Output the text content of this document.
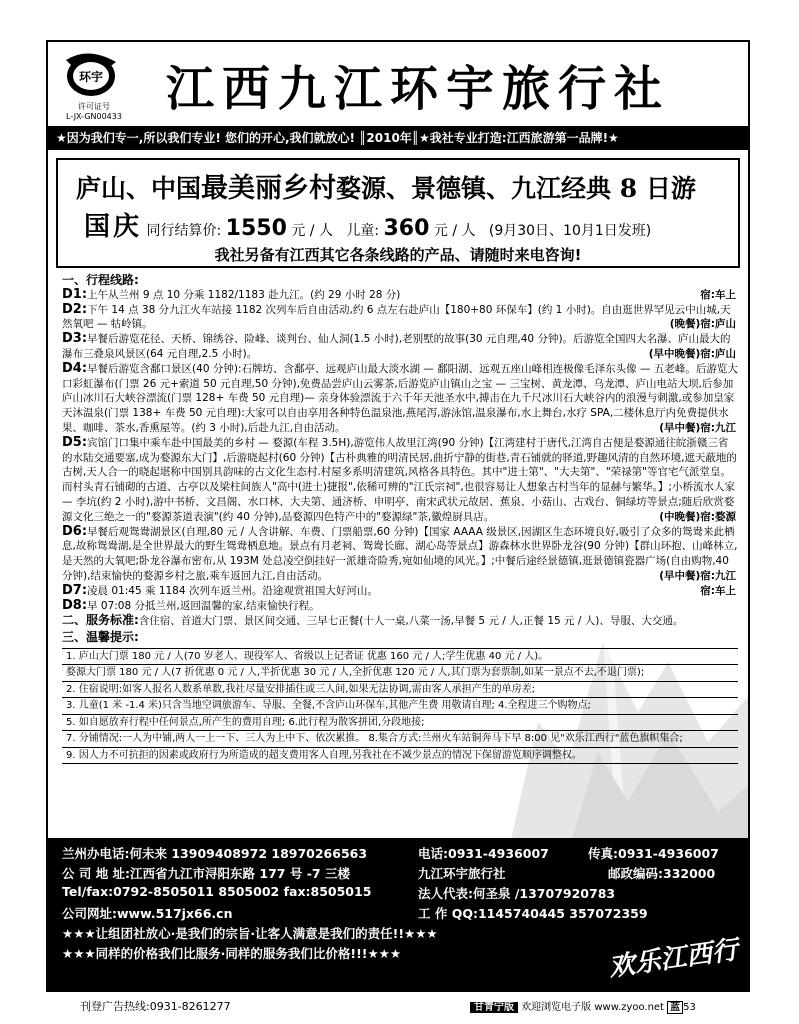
环宇
许可证号
L-JX-GN00433 江西九江环宇旅行社
★因为我们专一,所以我们专业! 您们的开心,我们就放心! ║2010年║★我社专业打造:江西旅游第一品牌!★
庐山、中国最美丽乡村婺源、景德镇、九江经典 8 日游
国庆 同行结算价: 1550 元 / 人 儿童: 360 元 / 人 (9月30日、10月1日发班)
我社另备有江西其它各条线路的产品、请随时来电咨询!
一、行程线路:
D1:上午从兰州 9 点 10 分乘 1182/1183 赴九江。(约 29 小时 28 分)	宿:车上
D2:下午 14 点 38 分九江火车站接 1182 次列车后自由活动,约 6 点左右赴庐山【180+80 环保车】(约 1 小时)。自由逛世界罕见云中山城,天然氧吧 — 牯岭镇。	(晚餐)宿:庐山
D3:早餐后游览花径、天桥、锦绣谷、险峰、谈判台、仙人洞(1.5 小时),老别墅的故事(30 元自理,40 分钟)。后游览全国四大名瀑、庐山最大的瀑布三叠泉风景区(64 元自理,2.5 小时)。	(早中晚餐)宿:庐山
D4:早餐后游览含鄱口景区(40 分钟):石牌坊、含鄱亭、远观庐山最大淡水湖 — 鄱阳湖、远观五座山峰相连极像毛泽东头像 — 五老峰。后游览大口彩虹瀑布(门票 26 元+索道 50 元自理,50 分钟),免费品尝庐山云雾茶,后游览庐山镇山之宝 — 三宝树、黄龙潭、乌龙潭、庐山电站大坝,后参加庐山冰川石大峡谷漂流(门票 128+ 车费 50 元自理)— 亲身体验漂流于六千年天池圣水中,搏击在九千尺冰川石大峡谷内的浪漫与刺激,或参加皇家天沐温泉(门票 138+ 车费 50 元自理):大家可以自由享用各种特色温泉池,燕尾泻,游泳馆,温泉瀑布,水上舞台,水疗 SPA,二楼休息厅内免费提供水果、咖啡、茶水,香熏屋等。(约 3 小时),后赴九江,自由活动。	(早中餐)宿:九江
D5:宾馆门口集中乘车赴中国最美的乡村 — 婺源(车程 3.5H),游览伟人故里江湾(90 分钟)【江湾建村于唐代,江湾自古便是婺源通往皖浙赣三省的水陆交通要塞,成为婺源东大门】,后游晓起村(60 分钟)【古朴典雅的明清民居,曲折宁静的街巷,青石铺就的驿道,野趣风清的自然环境,遮天蔽地的古树,天人合一的晓起堪称中国别具韵味的古文化生态村.村屋多系明清建筑,风格各具特色。其中"进士第"、"大夫第"、"荣禄第"等官宅气派堂皇。而村头青石铺砌的古道、古亭以及梁柱间族人"高中(进士)捷报",依稀可辨的"江氏宗祠",也很容易让人想象古村当年的显赫与繁华。】;小桥流水人家 — 李坑(约 2 小时),游中书桥、文昌阁、水口林、大夫第、通济桥、申明亭、南宋武状元故居、蕉泉、小菇山、古戏台、铜绿坊等景点;随后欣赏婺源文化三绝之一的"婺源茶道表演"(约 40 分钟),品婺源四色特产中的"婺源绿"茶,徽煌厨具店。	(中晚餐)宿:婺源
D6:早餐后观鸳鸯湖景区(自理,80 元 / 人含讲解、车费、门票船票,60 分钟)【国家 AAAA 级景区,因湖区生态环境良好,吸引了众多的鸳鸯来此栖息,故称鸳鸯湖,是全世界最大的野生鸳鸯栖息地。景点有月老祠、鸳鸯长廊、湖心岛等景点】游森林水世界卧龙谷(90 分钟)【群山环抱、山峰林立,是天然的大氧吧;卧龙谷瀑布密布,从 193M 处总凌空倒挂好一派雄奇险秀,宛如仙境的风光。】;中餐后途经景德镇,逛景德镇瓷器广场(自由购物,40 分钟),结束愉快的婺源乡村之旅,乘车返回九江,自由活动。	(早中餐)宿:九江
D7:凌晨 01:45 乘 1184 次列车返兰州。沿途观赏祖国大好河山。	宿:车上
D8:早 07:08 分抵兰州,返回温馨的家,结束愉快行程。
二、服务标准:含住宿、首道大门票、景区间交通、三早七正餐(十人一桌,八菜一汤,早餐 5 元 / 人,正餐 15 元 / 人)、导服、大交通。
三、温馨提示:
1. 庐山大门票 180 元 / 人(70 岁老人、现役军人、省级以上记者证 优惠 160 元 / 人;学生优惠 40 元 / 人)。
婺源大门票 180 元 / 人(7 折优惠 0 元 / 人,半折优惠 30 元 / 人,全折优惠 120 元 / 人,其门票为套票制,如某一景点不去,不退门票);
2. 住宿说明:如客人报名人数系单数,我社尽量安排插住或三人间,如果无法协调,需由客人承担产生的单房差;
3. 儿童(1 米 -1.4 米)只含当地空调旅游车、导服、全餐,不含庐山环保车,其他产生费 用敬请自理; 4.全程进三个购物点;
5. 如自愿放弃行程中任何景点,所产生的费用自理; 6.此行程为散客拼团,分段地接;
7. 分铺情况:一人为中铺,两人一上一下、三人为上中下、依次累推。 8.集合方式:兰州火车站铜奔马下早 8:00 见"欢乐江西行"蓝色旗帜集合;
9. 因人力不可抗拒的因素或政府行为所造成的超支费用客人自理,另我社在不减少景点的情况下保留游览顺序调整权。
兰州办电话:何未来 13909408972 18970266563	电话:0931-4936007	传真:0931-4936007
公 司 地 址:江西省九江市浔阳东路 177 号 -7 三楼	九江环宇旅行社	邮政编码:332000
Tel/fax:0792-8505011 8505002 fax:8505015	法人代表:何圣泉 /13707920783
公司网址:www.517jx66.cn	工 作 QQ:1145740445 357072359
★★★让组团社放心·是我们的宗旨·让客人满意是我们的责任!!★★★
★★★同样的价格我们比服务·同样的服务我们比价格!!!★★★	欢乐江西行
刊登广告热线:0931-8261277	甘青宁版 欢迎浏览电子版 www.zyoo.net 蓝 53
